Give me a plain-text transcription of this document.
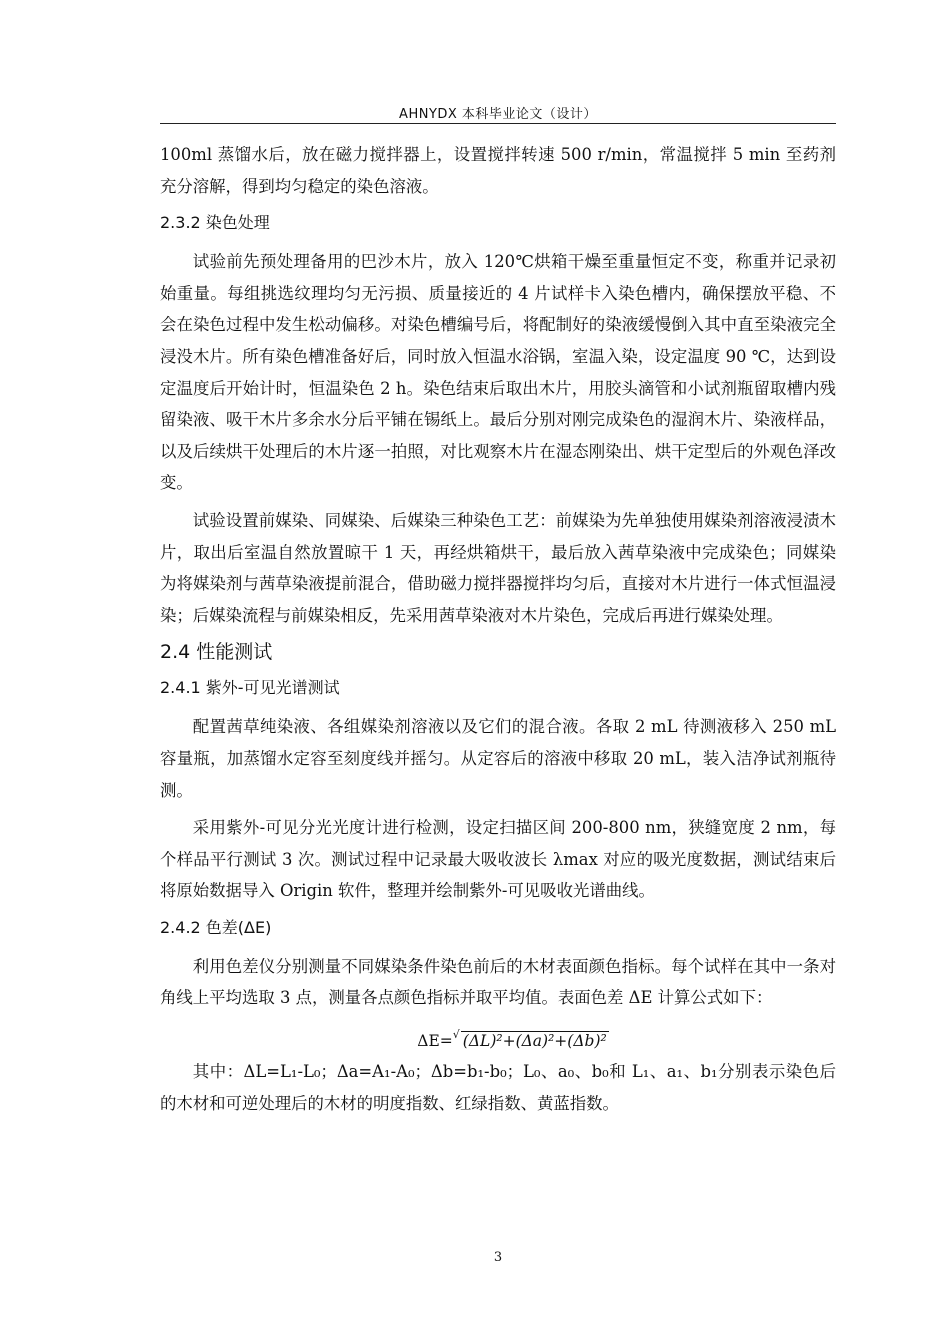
AHNYDX 本科毕业论文（设计）

100ml 蒸馏水后，放在磁力搅拌器上，设置搅拌转速 500 r/min，常温搅拌 5 min 至药剂充分溶解，得到均匀稳定的染色溶液。

2.3.2 染色处理

试验前先预处理备用的巴沙木片，放入 120℃烘箱干燥至重量恒定不变，称重并记录初始重量。每组挑选纹理均匀无污损、质量接近的 4 片试样卡入染色槽内，确保摆放平稳、不会在染色过程中发生松动偏移。对染色槽编号后，将配制好的染液缓慢倒入其中直至染液完全浸没木片。所有染色槽准备好后，同时放入恒温水浴锅，室温入染，设定温度 90 ℃，达到设定温度后开始计时，恒温染色 2 h。染色结束后取出木片，用胶头滴管和小试剂瓶留取槽内残留染液、吸干木片多余水分后平铺在锡纸上。最后分别对刚完成染色的湿润木片、染液样品，以及后续烘干处理后的木片逐一拍照，对比观察木片在湿态刚染出、烘干定型后的外观色泽改变。

试验设置前媒染、同媒染、后媒染三种染色工艺：前媒染为先单独使用媒染剂溶液浸渍木片，取出后室温自然放置晾干 1 天，再经烘箱烘干，最后放入茜草染液中完成染色；同媒染为将媒染剂与茜草染液提前混合，借助磁力搅拌器搅拌均匀后，直接对木片进行一体式恒温浸染；后媒染流程与前媒染相反，先采用茜草染液对木片染色，完成后再进行媒染处理。

2.4 性能测试
2.4.1 紫外-可见光谱测试

配置茜草纯染液、各组媒染剂溶液以及它们的混合液。各取 2 mL 待测液移入 250 mL 容量瓶，加蒸馏水定容至刻度线并摇匀。从定容后的溶液中移取 20 mL，装入洁净试剂瓶待测。

采用紫外-可见分光光度计进行检测，设定扫描区间 200-800 nm，狭缝宽度 2 nm，每个样品平行测试 3 次。测试过程中记录最大吸收波长 λmax 对应的吸光度数据，测试结束后将原始数据导入 Origin 软件，整理并绘制紫外-可见吸收光谱曲线。

2.4.2 色差(ΔE)

利用色差仪分别测量不同媒染条件染色前后的木材表面颜色指标。每个试样在其中一条对角线上平均选取 3 点，测量各点颜色指标并取平均值。表面色差 ΔE 计算公式如下：

ΔE=√ (ΔL)²+(Δa)²+(Δb)²

其中：ΔL=L₁-L₀；Δa=A₁-A₀；Δb=b₁-b₀；L₀、a₀、b₀和 L₁、a₁、b₁分别表示染色后的木材和可逆处理后的木材的明度指数、红绿指数、黄蓝指数。

3
